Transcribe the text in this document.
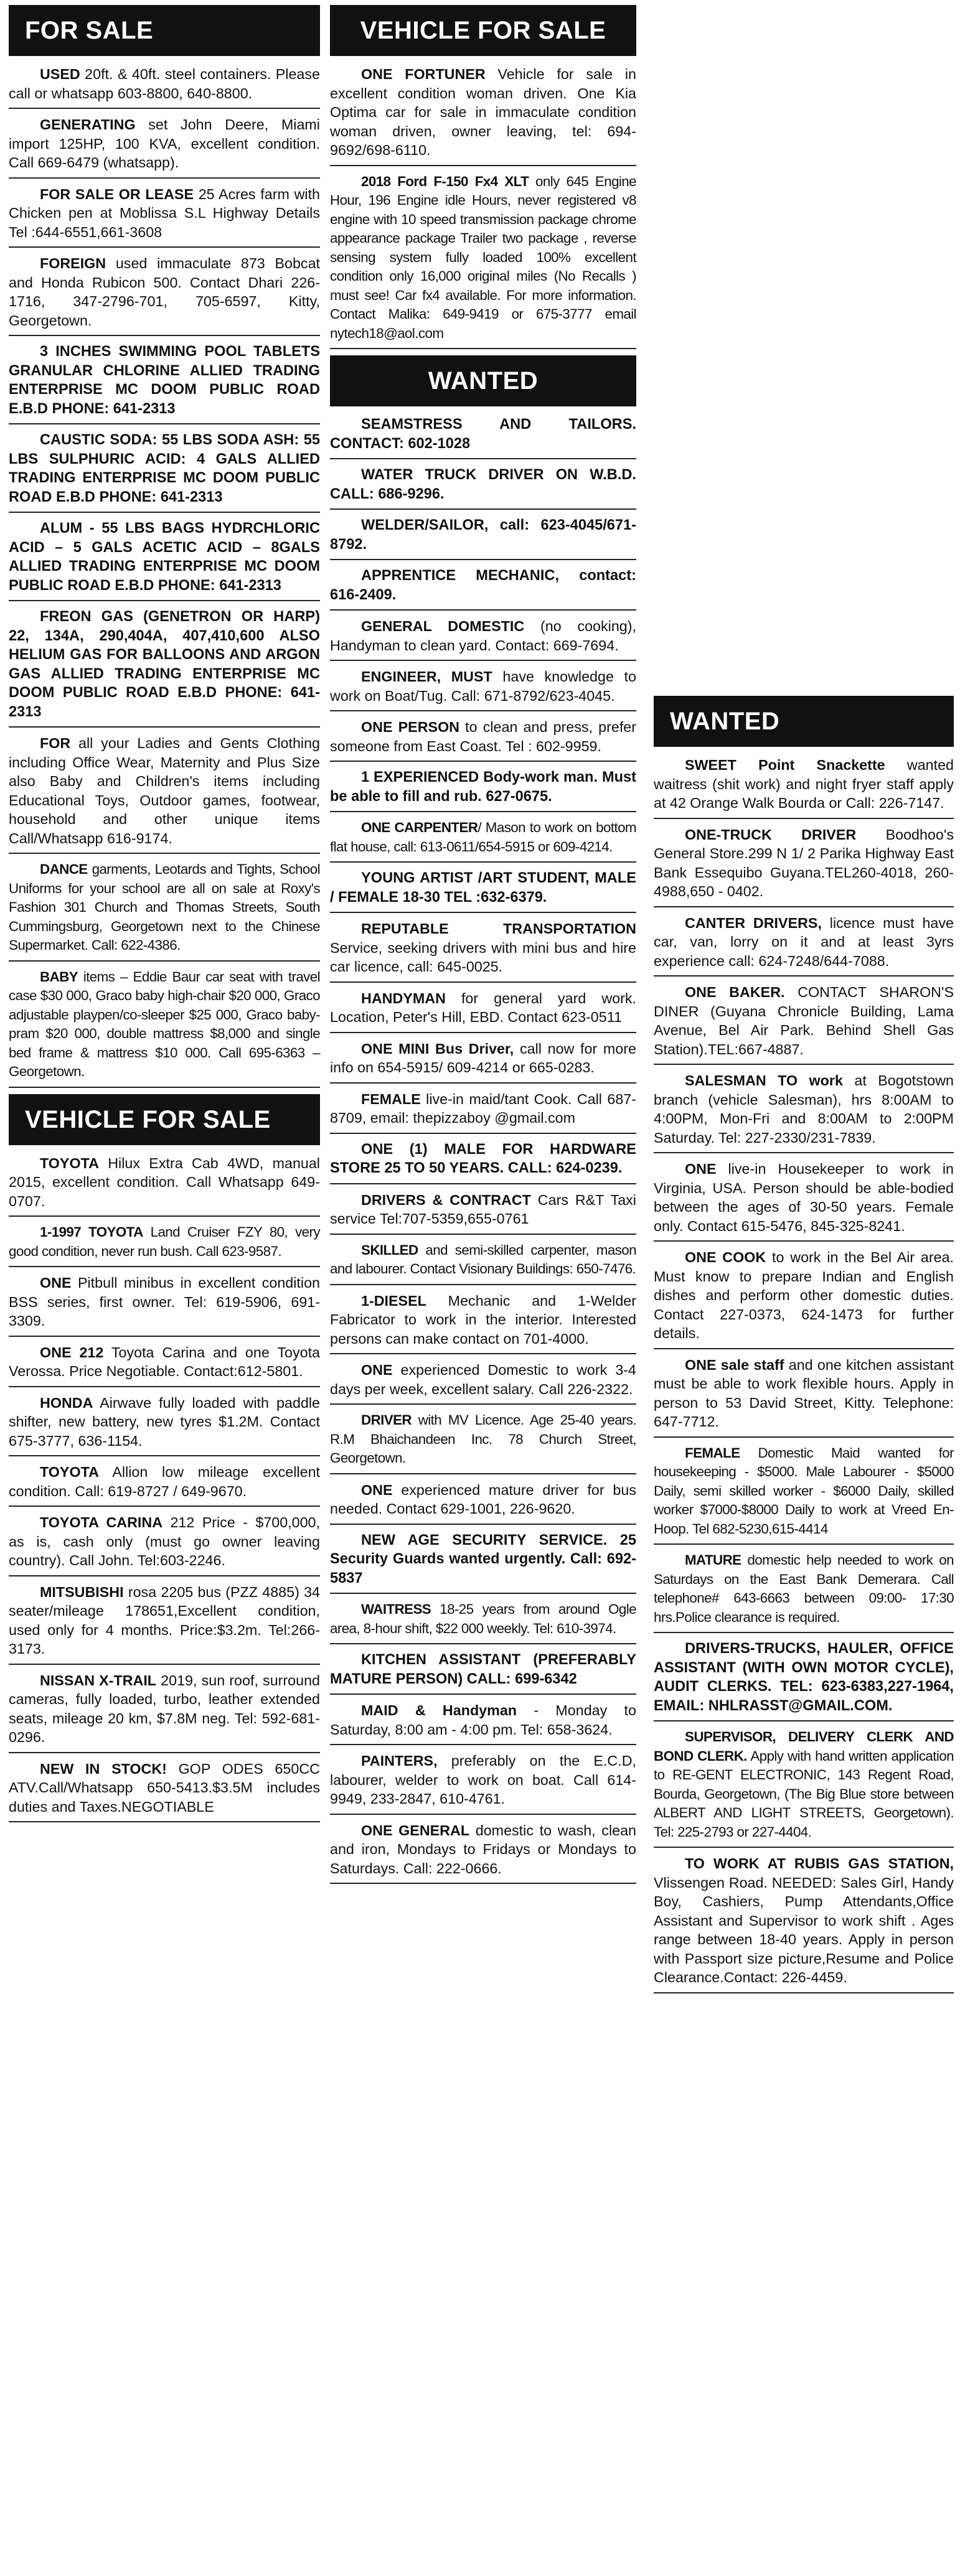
FOR SALE
USED 20ft. & 40ft. steel containers. Please call or whatsapp 603-8800, 640-8800.
GENERATING set John Deere, Miami import 125HP, 100 KVA, excellent condition. Call 669-6479 (whatsapp).
FOR SALE OR LEASE 25 Acres farm with Chicken pen at Moblissa S.L Highway Details Tel :644-6551,661-3608
FOREIGN used immaculate 873 Bobcat and Honda Rubicon 500. Contact Dhari 226-1716, 347-2796-701, 705-6597, Kitty, Georgetown.
3 INCHES SWIMMING POOL TABLETS GRANULAR CHLORINE ALLIED TRADING ENTERPRISE MC DOOM PUBLIC ROAD E.B.D PHONE: 641-2313
CAUSTIC SODA: 55 LBS SODA ASH: 55 LBS SULPHURIC ACID: 4 GALS ALLIED TRADING ENTERPRISE MC DOOM PUBLIC ROAD E.B.D PHONE: 641-2313
ALUM - 55 LBS BAGS HYDRCHLORIC ACID – 5 GALS ACETIC ACID – 8GALS ALLIED TRADING ENTERPRISE MC DOOM PUBLIC ROAD E.B.D PHONE: 641-2313
FREON GAS (GENETRON OR HARP) 22, 134A, 290,404A, 407,410,600 ALSO HELIUM GAS FOR BALLOONS AND ARGON GAS ALLIED TRADING ENTERPRISE MC DOOM PUBLIC ROAD E.B.D PHONE: 641-2313
FOR all your Ladies and Gents Clothing including Office Wear, Maternity and Plus Size also Baby and Children's items including Educational Toys, Outdoor games, footwear, household and other unique items Call/Whatsapp 616-9174.
DANCE garments, Leotards and Tights, School Uniforms for your school are all on sale at Roxy's Fashion 301 Church and Thomas Streets, South Cummingsburg, Georgetown next to the Chinese Supermarket. Call: 622-4386.
BABY items – Eddie Baur car seat with travel case $30 000, Graco baby high-chair $20 000, Graco adjustable playpen/co-sleeper $25 000, Graco baby-pram $20 000, double mattress $8,000 and single bed frame & mattress $10 000. Call 695-6363 – Georgetown.
VEHICLE FOR SALE
TOYOTA Hilux Extra Cab 4WD, manual 2015, excellent condition. Call Whatsapp 649-0707.
1-1997 TOYOTA Land Cruiser FZY 80, very good condition, never run bush. Call 623-9587.
ONE Pitbull minibus in excellent condition BSS series, first owner. Tel: 619-5906, 691-3309.
ONE 212 Toyota Carina and one Toyota Verossa. Price Negotiable. Contact:612-5801.
HONDA Airwave fully loaded with paddle shifter, new battery, new tyres $1.2M. Contact 675-3777, 636-1154.
TOYOTA Allion low mileage excellent condition. Call: 619-8727 / 649-9670.
TOYOTA CARINA 212 Price - $700,000, as is, cash only (must go owner leaving country). Call John. Tel:603-2246.
MITSUBISHI rosa 2205 bus (PZZ 4885) 34 seater/mileage 178651,Excellent condition, used only for 4 months. Price:$3.2m. Tel:266-3173.
NISSAN X-TRAIL 2019, sun roof, surround cameras, fully loaded, turbo, leather extended seats, mileage 20 km, $7.8M neg. Tel: 592-681-0296.
NEW IN STOCK! GOP ODES 650CC ATV.Call/Whatsapp 650-5413.$3.5M includes duties and Taxes.NEGOTIABLE
VEHICLE FOR SALE
ONE FORTUNER Vehicle for sale in excellent condition woman driven. One Kia Optima car for sale in immaculate condition woman driven, owner leaving, tel: 694-9692/698-6110.
2018 Ford F-150 Fx4 XLT only 645 Engine Hour, 196 Engine idle Hours, never registered v8 engine with 10 speed transmission package chrome appearance package Trailer two package , reverse sensing system fully loaded 100% excellent condition only 16,000 original miles (No Recalls ) must see! Car fx4 available. For more information. Contact Malika: 649-9419 or 675-3777 email nytech18@aol.com
WANTED
SEAMSTRESS AND TAILORS. CONTACT: 602-1028
WATER TRUCK DRIVER ON W.B.D. CALL: 686-9296.
WELDER/SAILOR, call: 623-4045/671-8792.
APPRENTICE MECHANIC, contact: 616-2409.
GENERAL DOMESTIC (no cooking), Handyman to clean yard. Contact: 669-7694.
ENGINEER, MUST have knowledge to work on Boat/Tug. Call: 671-8792/623-4045.
ONE PERSON to clean and press, prefer someone from East Coast. Tel : 602-9959.
1 EXPERIENCED Body-work man. Must be able to fill and rub. 627-0675.
ONE CARPENTER/ Mason to work on bottom flat house, call: 613-0611/654-5915 or 609-4214.
YOUNG ARTIST /ART STUDENT, MALE / FEMALE 18-30 TEL :632-6379.
REPUTABLE TRANSPORTATION Service, seeking drivers with mini bus and hire car licence, call: 645-0025.
HANDYMAN for general yard work. Location, Peter's Hill, EBD. Contact 623-0511
ONE MINI Bus Driver, call now for more info on 654-5915/ 609-4214 or 665-0283.
FEMALE live-in maid/tant Cook. Call 687-8709, email: thepizzaboy @gmail.com
ONE (1) MALE FOR HARDWARE STORE 25 TO 50 YEARS. CALL: 624-0239.
DRIVERS & CONTRACT Cars R&T Taxi service Tel:707-5359,655-0761
SKILLED and semi-skilled carpenter, mason and labourer. Contact Visionary Buildings: 650-7476.
1-DIESEL Mechanic and 1-Welder Fabricator to work in the interior. Interested persons can make contact on 701-4000.
ONE experienced Domestic to work 3-4 days per week, excellent salary. Call 226-2322.
DRIVER with MV Licence. Age 25-40 years. R.M Bhaichandeen Inc. 78 Church Street, Georgetown.
ONE experienced mature driver for bus needed. Contact 629-1001, 226-9620.
NEW AGE SECURITY SERVICE. 25 Security Guards wanted urgently. Call: 692-5837
WAITRESS 18-25 years from around Ogle area, 8-hour shift, $22 000 weekly. Tel: 610-3974.
KITCHEN ASSISTANT (PREFERABLY MATURE PERSON) CALL: 699-6342
MAID & Handyman - Monday to Saturday, 8:00 am - 4:00 pm. Tel: 658-3624.
PAINTERS, preferably on the E.C.D, labourer, welder to work on boat. Call 614-9949, 233-2847, 610-4761.
ONE GENERAL domestic to wash, clean and iron, Mondays to Fridays or Mondays to Saturdays. Call: 222-0666.
WANTED
SWEET Point Snackette wanted waitress (shit work) and night fryer staff apply at 42 Orange Walk Bourda or Call: 226-7147.
ONE-TRUCK DRIVER Boodhoo's General Store.299 N 1/ 2 Parika Highway East Bank Essequibo Guyana.TEL260-4018, 260-4988,650 - 0402.
CANTER DRIVERS, licence must have car, van, lorry on it and at least 3yrs experience call: 624-7248/644-7088.
ONE BAKER. CONTACT SHARON'S DINER (Guyana Chronicle Building, Lama Avenue, Bel Air Park. Behind Shell Gas Station).TEL:667-4887.
SALESMAN TO work at Bogotstown branch (vehicle Salesman), hrs 8:00AM to 4:00PM, Mon-Fri and 8:00AM to 2:00PM Saturday. Tel: 227-2330/231-7839.
ONE live-in Housekeeper to work in Virginia, USA. Person should be able-bodied between the ages of 30-50 years. Female only. Contact 615-5476, 845-325-8241.
ONE COOK to work in the Bel Air area. Must know to prepare Indian and English dishes and perform other domestic duties. Contact 227-0373, 624-1473 for further details.
ONE sale staff and one kitchen assistant must be able to work flexible hours. Apply in person to 53 David Street, Kitty. Telephone: 647-7712.
FEMALE Domestic Maid wanted for housekeeping - $5000. Male Labourer - $5000 Daily, semi skilled worker - $6000 Daily, skilled worker $7000-$8000 Daily to work at Vreed En-Hoop. Tel 682-5230,615-4414
MATURE domestic help needed to work on Saturdays on the East Bank Demerara. Call telephone# 643-6663 between 09:00- 17:30 hrs.Police clearance is required.
DRIVERS-TRUCKS, HAULER, OFFICE ASSISTANT (WITH OWN MOTOR CYCLE), AUDIT CLERKS. TEL: 623-6383,227-1964, EMAIL: NHLRASST@GMAIL.COM.
SUPERVISOR, DELIVERY CLERK AND BOND CLERK. Apply with hand written application to RE-GENT ELECTRONIC, 143 Regent Road, Bourda, Georgetown, (The Big Blue store between ALBERT AND LIGHT STREETS, Georgetown). Tel: 225-2793 or 227-4404.
TO WORK AT RUBIS GAS STATION, Vlissengen Road. NEEDED: Sales Girl, Handy Boy, Cashiers, Pump Attendants,Office Assistant and Supervisor to work shift . Ages range between 18-40 years. Apply in person with Passport size picture,Resume and Police Clearance.Contact: 226-4459.
